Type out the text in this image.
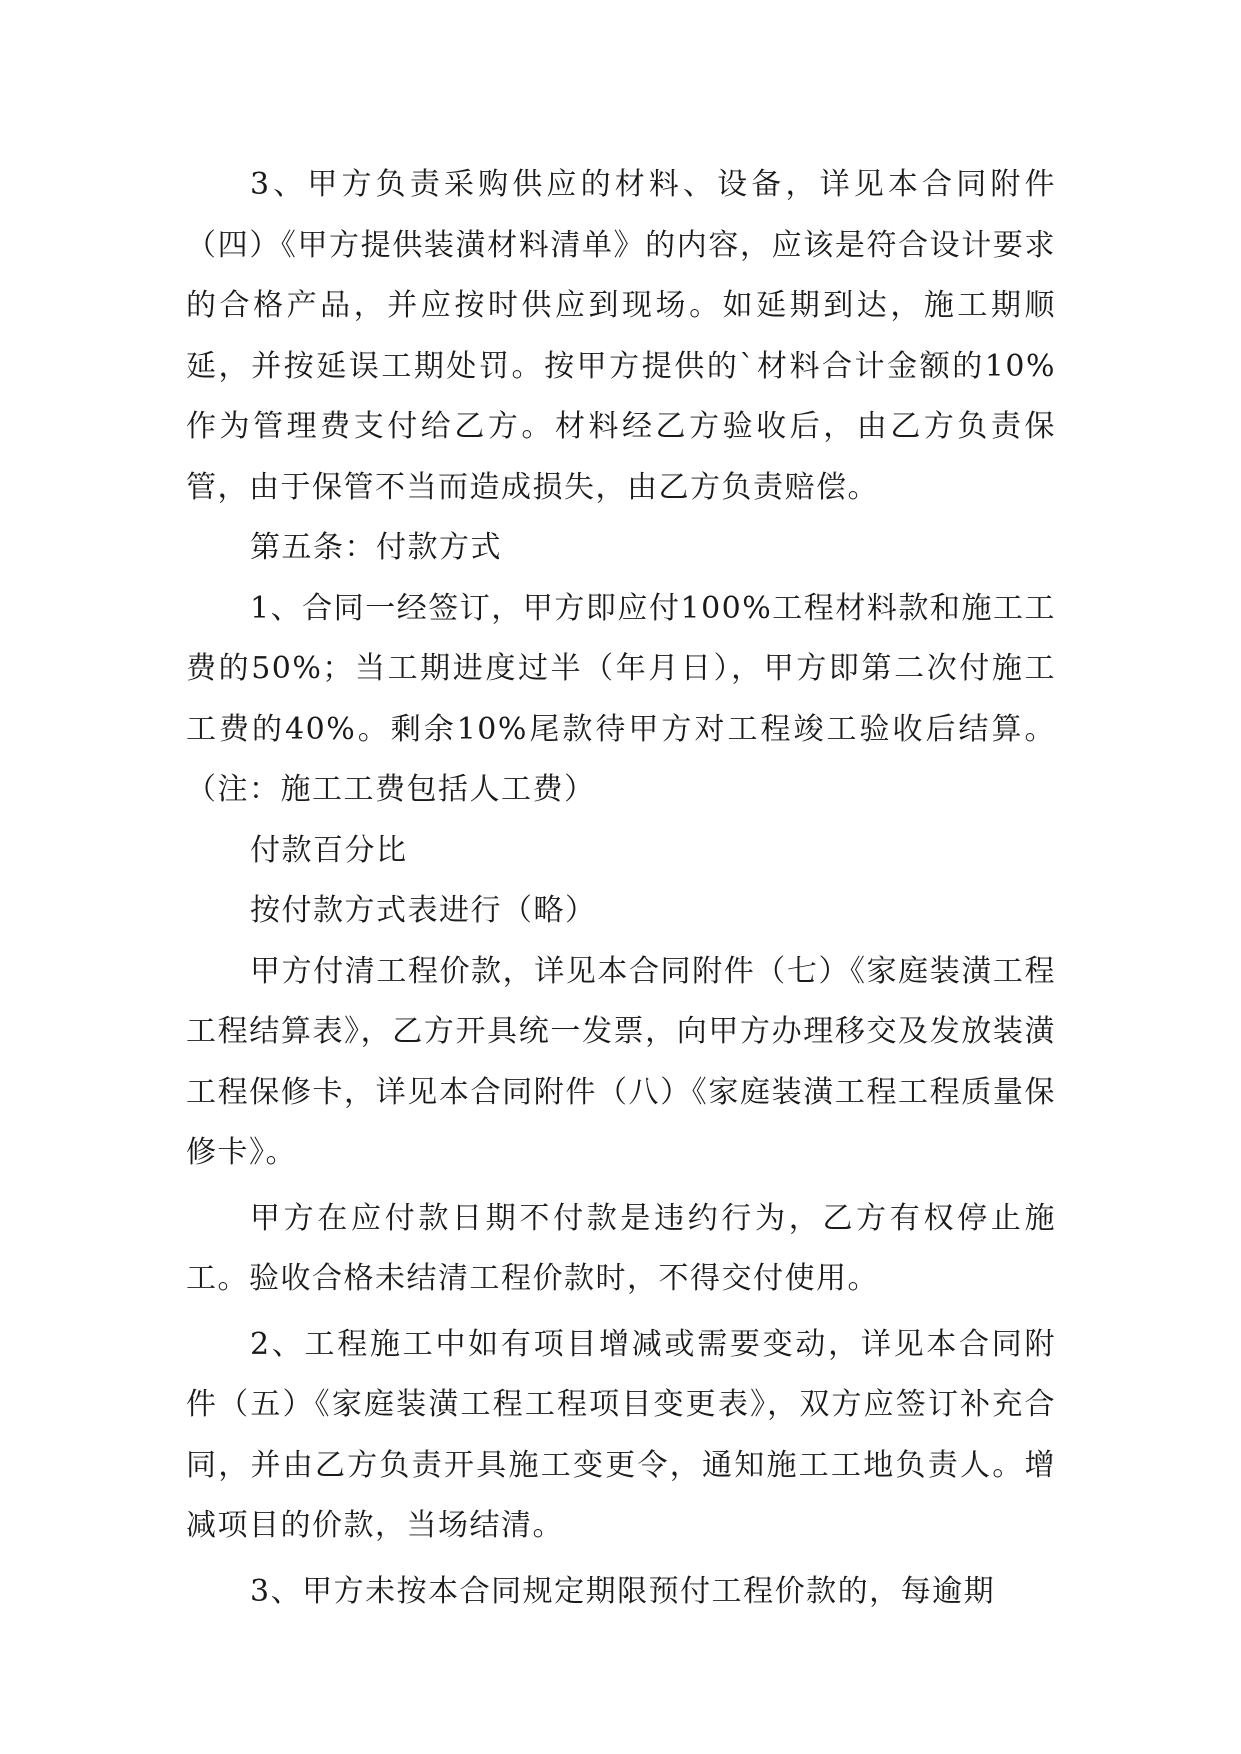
3、甲方负责采购供应的材料、设备，详见本合同附件（四）《甲方提供装潢材料清单》的内容，应该是符合设计要求的合格产品，并应按时供应到现场。如延期到达，施工期顺延，并按延误工期处罚。按甲方提供的`材料合计金额的10%作为管理费支付给乙方。材料经乙方验收后，由乙方负责保管，由于保管不当而造成损失，由乙方负责赔偿。

第五条：付款方式

1、合同一经签订，甲方即应付100%工程材料款和施工工费的50%；当工期进度过半（年月日），甲方即第二次付施工工费的40%。剩余10%尾款待甲方对工程竣工验收后结算。（注：施工工费包括人工费）

付款百分比

按付款方式表进行（略）

甲方付清工程价款，详见本合同附件（七）《家庭装潢工程工程结算表》，乙方开具统一发票，向甲方办理移交及发放装潢工程保修卡，详见本合同附件（八）《家庭装潢工程工程质量保修卡》。

甲方在应付款日期不付款是违约行为，乙方有权停止施工。验收合格未结清工程价款时，不得交付使用。

2、工程施工中如有项目增减或需要变动，详见本合同附件（五）《家庭装潢工程工程项目变更表》，双方应签订补充合同，并由乙方负责开具施工变更令，通知施工工地负责人。增减项目的价款，当场结清。

3、甲方未按本合同规定期限预付工程价款的，每逾期
